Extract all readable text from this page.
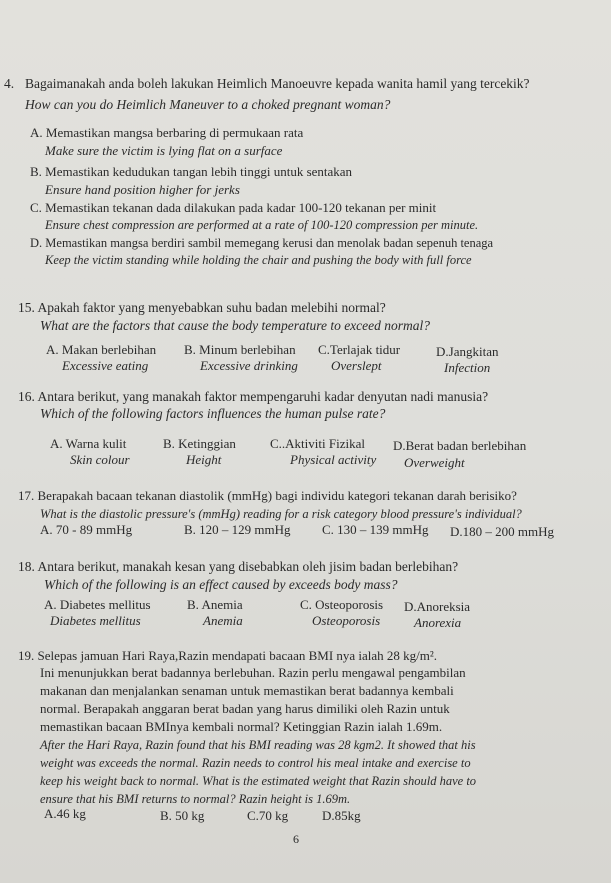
4. Bagaimanakah anda boleh lakukan Heimlich Manoeuvre kepada wanita hamil yang tercekik?
How can you do Heimlich Maneuver to a choked pregnant woman?
A. Memastikan mangsa berbaring di permukaan rata
Make sure the victim is lying flat on a surface
B. Memastikan kedudukan tangan lebih tinggi untuk sentakan
Ensure hand position higher for jerks
C. Memastikan tekanan dada dilakukan pada kadar 100-120 tekanan per minit
Ensure chest compression are performed at a rate of 100-120 compression per minute.
D. Memastikan mangsa berdiri sambil memegang kerusi dan menolak badan sepenuh tenaga
Keep the victim standing while holding the chair and pushing the body with full force
15. Apakah faktor yang menyebabkan suhu badan melebihi normal?
What are the factors that cause the body temperature to exceed normal?
A. Makan berlebihan
Excessive eating
B. Minum berlebihan
Excessive drinking
C.Terlajak tidur
Overslept
D.Jangkitan
Infection
16. Antara berikut, yang manakah faktor mempengaruhi kadar denyutan nadi manusia?
Which of the following factors influences the human pulse rate?
A. Warna kulit
Skin colour
B. Ketinggian
Height
C..Aktiviti Fizikal
Physical activity
D.Berat badan berlebihan
Overweight
17. Berapakah bacaan tekanan diastolik (mmHg) bagi individu kategori tekanan darah berisiko?
What is the diastolic pressure's (mmHg) reading for a risk category blood pressure's individual?
A. 70 - 89 mmHg	B. 120 – 129 mmHg C. 130 – 139 mmHg D.180 – 200 mmHg
18. Antara berikut, manakah kesan yang disebabkan oleh jisim badan berlebihan?
Which of the following is an effect caused by exceeds body mass?
A. Diabetes mellitus
Diabetes mellitus
B. Anemia
Anemia
C. Osteoporosis
Osteoporosis
D.Anoreksia
Anorexia
19. Selepas jamuan Hari Raya,Razin mendapati bacaan BMI nya ialah 28 kg/m².
Ini menunjukkan berat badannya berlebuhan. Razin perlu mengawal pengambilan
makanan dan menjalankan senaman untuk memastikan berat badannya kembali
normal. Berapakah anggaran berat badan yang harus dimiliki oleh Razin untuk
memastikan bacaan BMInya kembali normal? Ketinggian Razin ialah 1.69m.
After the Hari Raya, Razin found that his BMI reading was 28 kgm2. It showed that his
weight was exceeds the normal. Razin needs to control his meal intake and exercise to
keep his weight back to normal. What is the estimated weight that Razin should have to
ensure that his BMI returns to normal? Razin height is 1.69m.
A.46 kg	B. 50 kg	C.70 kg	D.85kg
6
